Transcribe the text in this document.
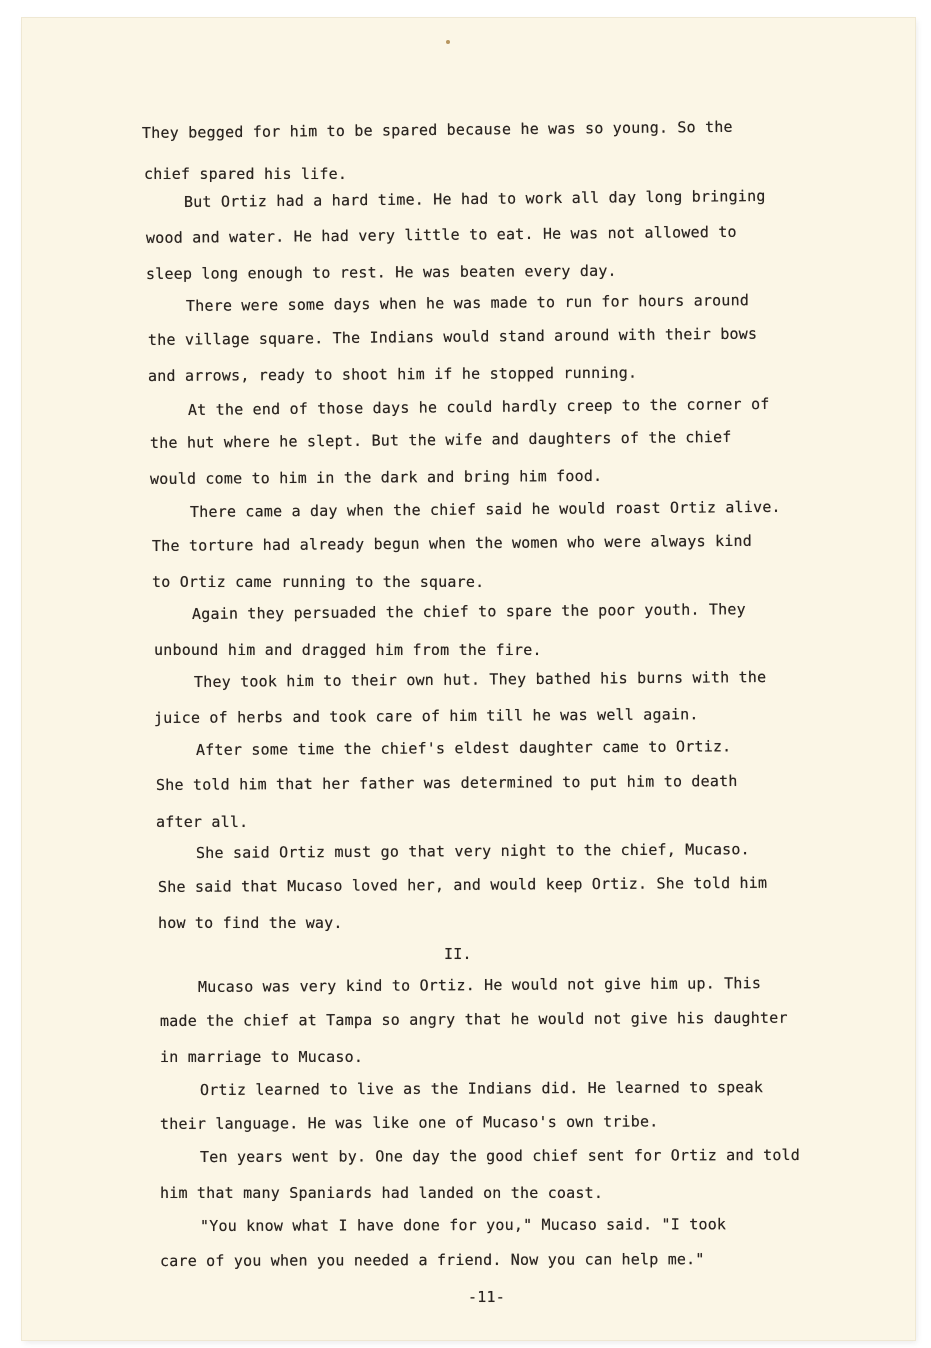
They begged for him to be spared because he was so young. So the
chief spared his life.
But Ortiz had a hard time. He had to work all day long bringing
wood and water. He had very little to eat. He was not allowed to
sleep long enough to rest. He was beaten every day.
There were some days when he was made to run for hours around
the village square. The Indians would stand around with their bows
and arrows, ready to shoot him if he stopped running.
At the end of those days he could hardly creep to the corner of
the hut where he slept. But the wife and daughters of the chief
would come to him in the dark and bring him food.
There came a day when the chief said he would roast Ortiz alive.
The torture had already begun when the women who were always kind
to Ortiz came running to the square.
Again they persuaded the chief to spare the poor youth. They
unbound him and dragged him from the fire.
They took him to their own hut. They bathed his burns with the
juice of herbs and took care of him till he was well again.
After some time the chief's eldest daughter came to Ortiz.
She told him that her father was determined to put him to death
after all.
She said Ortiz must go that very night to the chief, Mucaso.
She said that Mucaso loved her, and would keep Ortiz. She told him
how to find the way.
II.
Mucaso was very kind to Ortiz. He would not give him up. This
made the chief at Tampa so angry that he would not give his daughter
in marriage to Mucaso.
Ortiz learned to live as the Indians did. He learned to speak
their language. He was like one of Mucaso's own tribe.
Ten years went by. One day the good chief sent for Ortiz and told
him that many Spaniards had landed on the coast.
"You know what I have done for you," Mucaso said. "I took
care of you when you needed a friend. Now you can help me."
-11-
